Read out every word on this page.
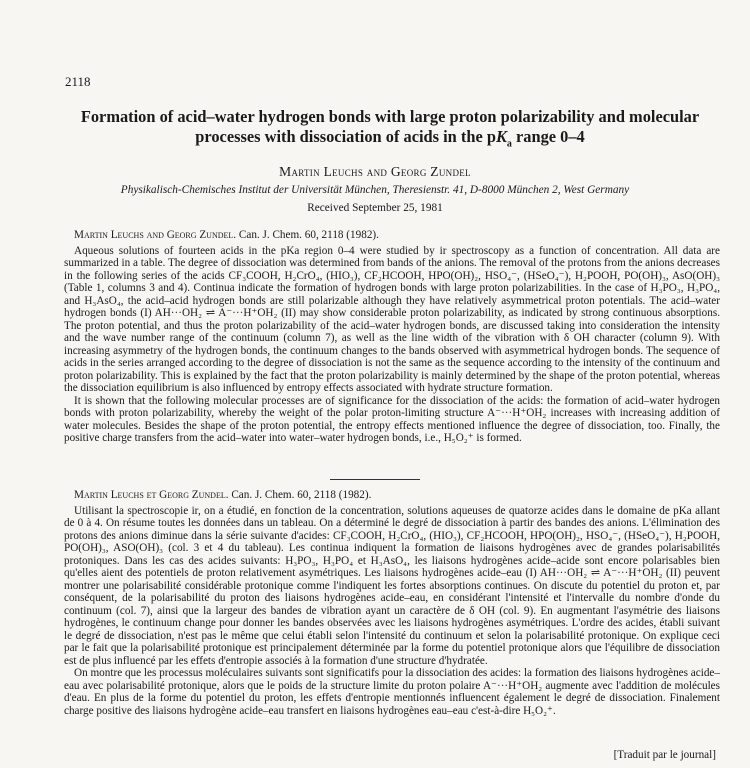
2118
Formation of acid–water hydrogen bonds with large proton polarizability and molecular
processes with dissociation of acids in the $pK_a$ range 0–4
Martin Leuchs and Georg Zundel
Physikalisch-Chemisches Institut der Universität München, Theresienstr. 41, D-8000 München 2, West Germany
Received September 25, 1981
Martin Leuchs and Georg Zundel. Can. J. Chem. 60, 2118 (1982).

Aqueous solutions of fourteen acids in the pKa region 0–4 were studied by ir spectroscopy as a function of concentration. All data are summarized in a table. The degree of dissociation was determined from bands of the anions. The removal of the protons from the anions decreases in the following series of the acids CF₃COOH, H₂CrO₄, (HIO₃), CF₂HCOOH, HPO(OH)₂, HSO₄⁻, (HSeO₄⁻), H₂POOH, PO(OH)₃, AsO(OH)₃ (Table 1, columns 3 and 4). Continua indicate the formation of hydrogen bonds with large proton polarizabilities. In the case of H₃PO₃, H₃PO₄, and H₃AsO₄, the acid–acid hydrogen bonds are still polarizable although they have relatively asymmetrical proton potentials. The acid–water hydrogen bonds (I) AH···OH₂ ⇌ A⁻···H⁺OH₂ (II) may show considerable proton polarizability, as indicated by strong continuous absorptions. The proton potential, and thus the proton polarizability of the acid–water hydrogen bonds, are discussed taking into consideration the intensity and the wave number range of the continuum (column 7), as well as the line width of the vibration with δ OH character (column 9). With increasing asymmetry of the hydrogen bonds, the continuum changes to the bands observed with asymmetrical hydrogen bonds. The sequence of acids in the series arranged according to the degree of dissociation is not the same as the sequence according to the intensity of the continuum and proton polarizability. This is explained by the fact that the proton polarizability is mainly determined by the shape of the proton potential, whereas the dissociation equilibrium is also influenced by entropy effects associated with hydrate structure formation.

It is shown that the following molecular processes are of significance for the dissociation of the acids: the formation of acid–water hydrogen bonds with proton polarizability, whereby the weight of the polar proton-limiting structure A⁻···H⁺OH₂ increases with increasing addition of water molecules. Besides the shape of the proton potential, the entropy effects mentioned influence the degree of dissociation, too. Finally, the positive charge transfers from the acid–water into water–water hydrogen bonds, i.e., H₅O₂⁺ is formed.

Martin Leuchs et Georg Zundel. Can. J. Chem. 60, 2118 (1982).

Utilisant la spectroscopie ir, on a étudié, en fonction de la concentration, solutions aqueuses de quatorze acides dans le domaine de pKa allant de 0 à 4. On résume toutes les données dans un tableau. On a déterminé le degré de dissociation à partir des bandes des anions. L'élimination des protons des anions diminue dans la série suivante d'acides: CF₃COOH, H₂CrO₄, (HIO₃), CF₂HCOOH, HPO(OH)₂, HSO₄⁻, (HSeO₄⁻), H₂POOH, PO(OH)₃, ASO(OH)₃ (col. 3 et 4 du tableau). Les continua indiquent la formation de liaisons hydrogènes avec de grandes polarisabilités protoniques. Dans les cas des acides suivants: H₃PO₃, H₃PO₄ et H₃AsO₄, les liaisons hydrogènes acide–acide sont encore polarisables bien qu'elles aient des potentiels de proton relativement asymétriques. Les liaisons hydrogènes acide–eau (I) AH···OH₂ ⇌ A⁻···H⁺OH₂ (II) peuvent montrer une polarisabilité considérable protonique comme l'indiquent les fortes absorptions continues. On discute du potentiel du proton et, par conséquent, de la polarisabilité du proton des liaisons hydrogènes acide–eau, en considérant l'intensité et l'intervalle du nombre d'onde du continuum (col. 7), ainsi que la largeur des bandes de vibration ayant un caractère de δ OH (col. 9). En augmentant l'asymétrie des liaisons hydrogènes, le continuum change pour donner les bandes observées avec les liaisons hydrogènes asymétriques. L'ordre des acides, établi suivant le degré de dissociation, n'est pas le même que celui établi selon l'intensité du continuum et selon la polarisabilité protonique. On explique ceci par le fait que la polarisabilité protonique est principalement déterminée par la forme du potentiel protonique alors que l'équilibre de dissociation est de plus influencé par les effets d'entropie associés à la formation d'une structure d'hydratée.

On montre que les processus moléculaires suivants sont significatifs pour la dissociation des acides: la formation des liaisons hydrogènes acide–eau avec polarisabilité protonique, alors que le poids de la structure limite du proton polaire A⁻···H⁺OH₂ augmente avec l'addition de molécules d'eau. En plus de la forme du potentiel du proton, les effets d'entropie mentionnés influencent également le degré de dissociation. Finalement charge positive des liaisons hydrogène acide–eau transfert en liaisons hydrogènes eau–eau c'est-à-dire H₅O₂⁺.

[Traduit par le journal]
